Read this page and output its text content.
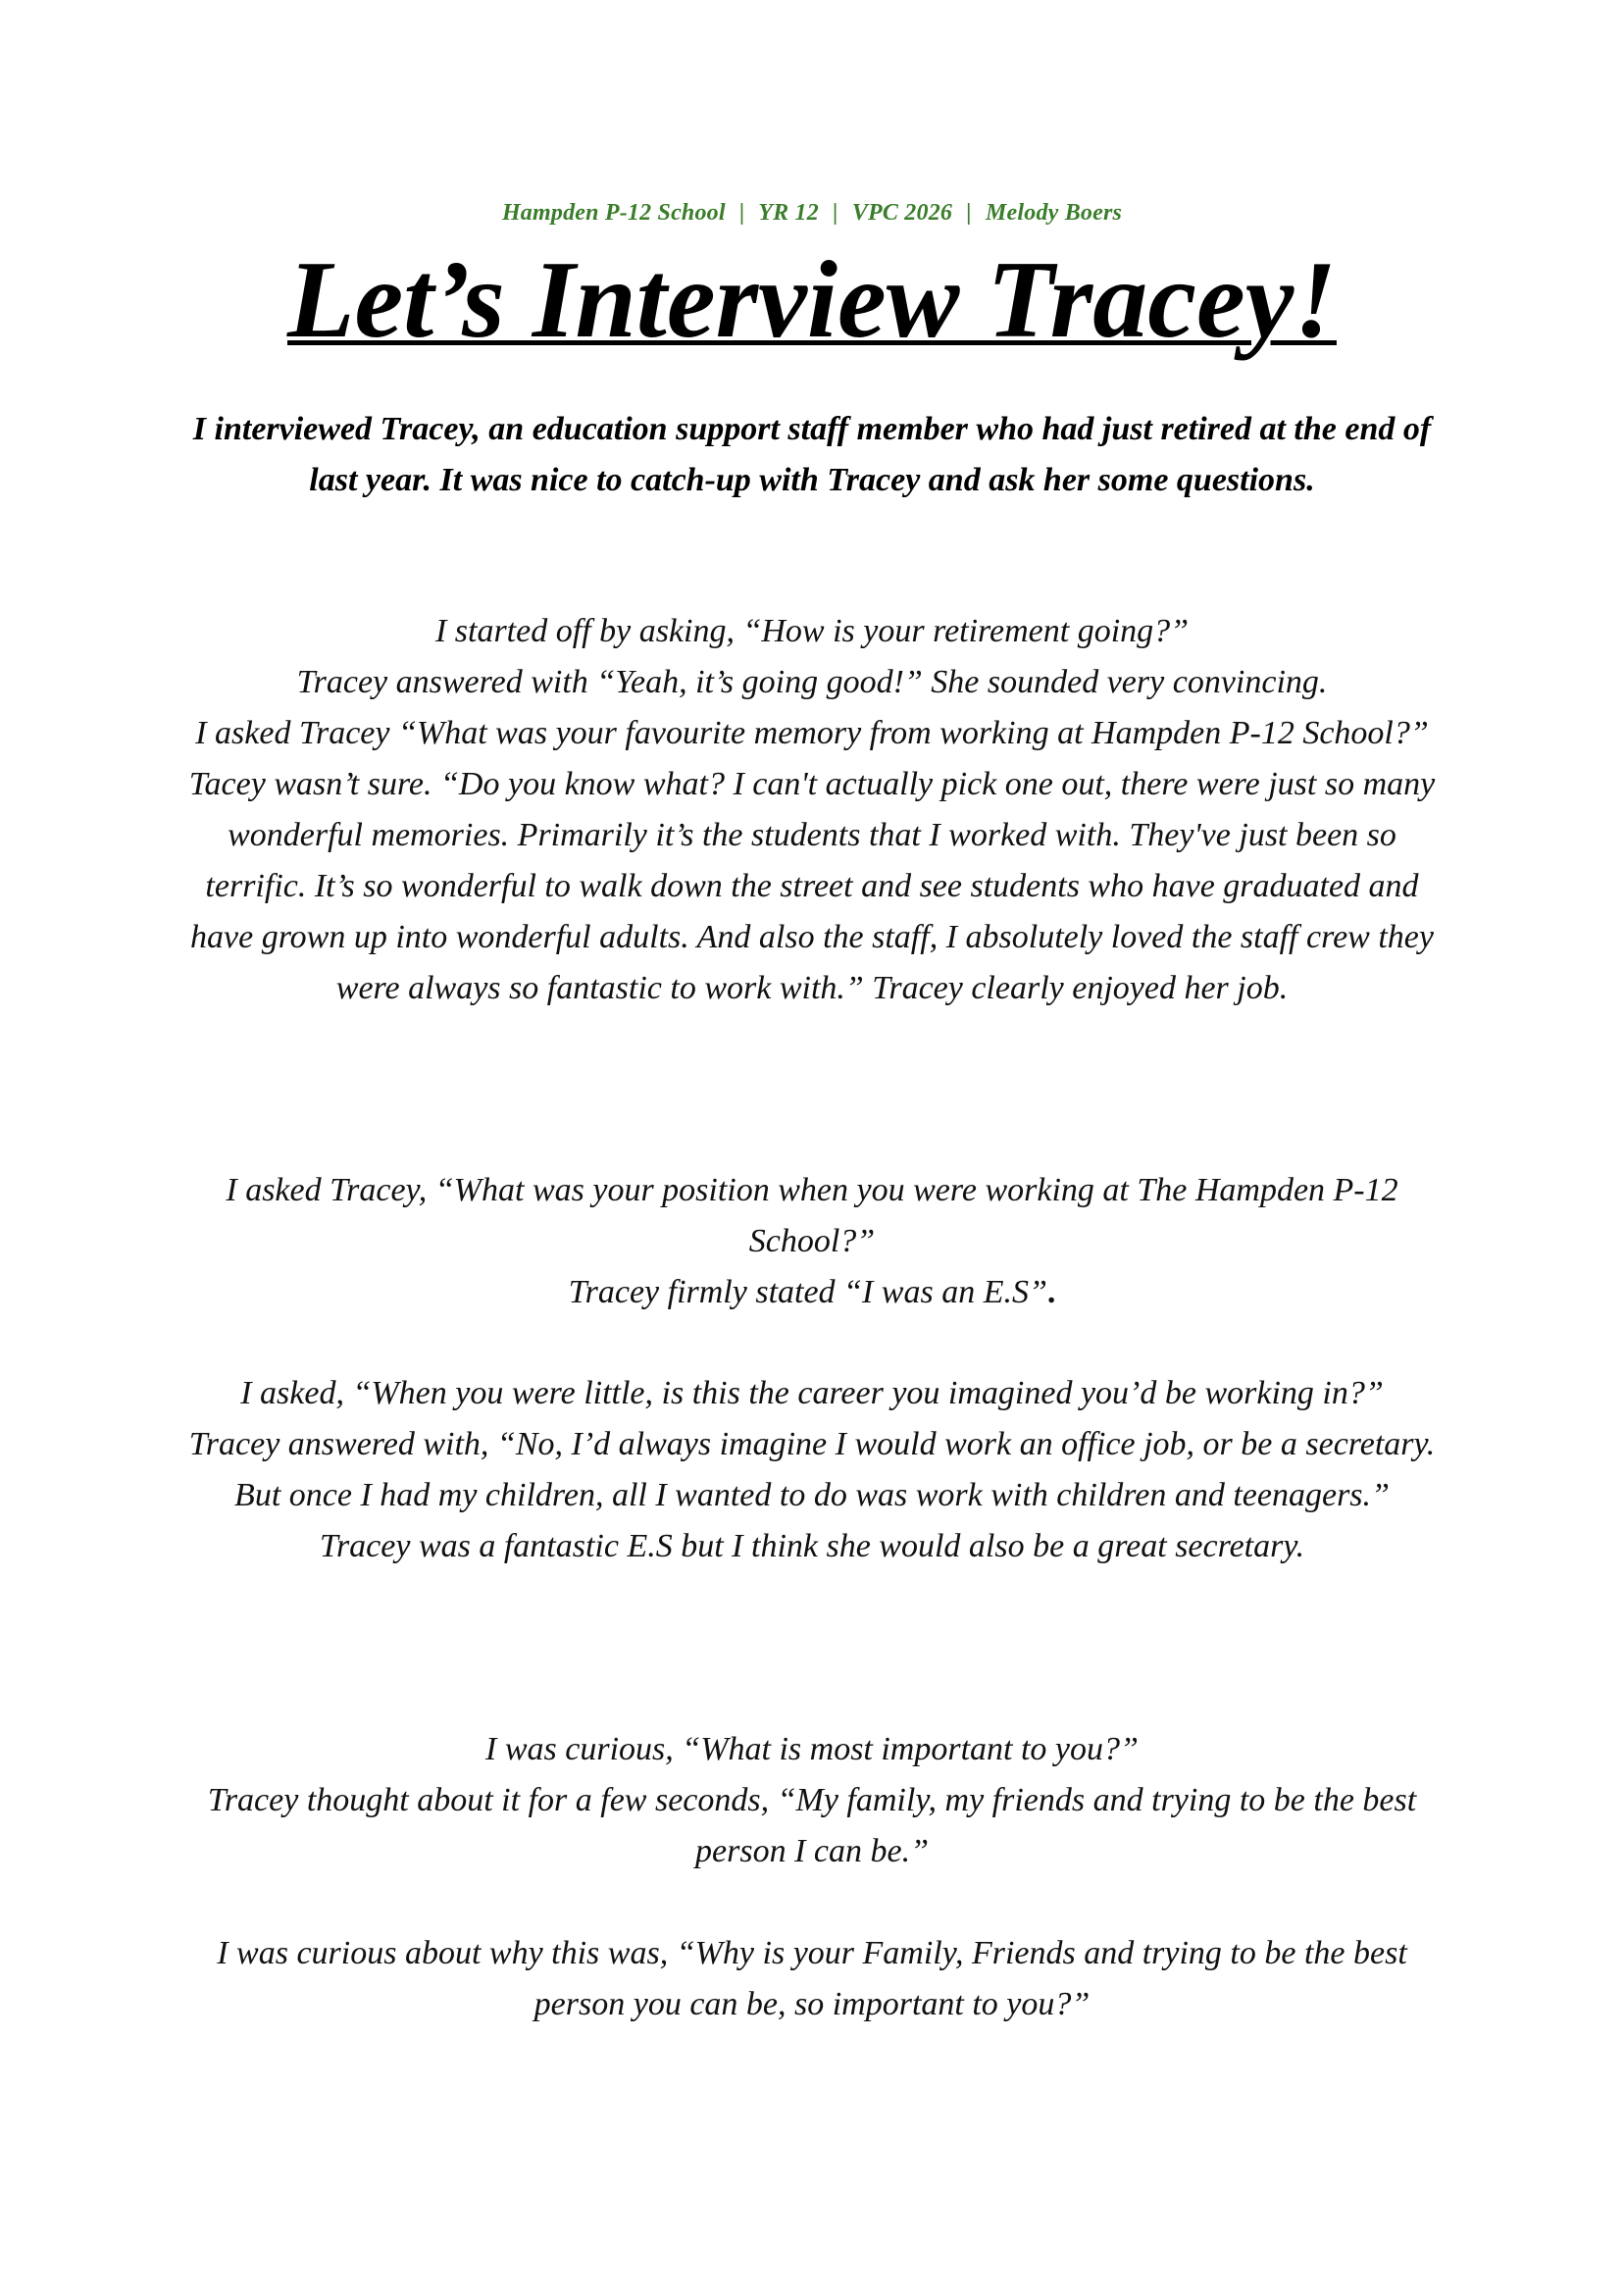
Hampden P-12 School | YR 12 | VPC 2026 | Melody Boers
Let’s Interview Tracey!

I interviewed Tracey, an education support staff member who had just retired at the end of last year. It was nice to catch-up with Tracey and ask her some questions.

I started off by asking, “How is your retirement going?”
Tracey answered with “Yeah, it’s going good!” She sounded very convincing.
I asked Tracey “What was your favourite memory from working at Hampden P-12 School?”
Tacey wasn’t sure. “Do you know what? I can't actually pick one out, there were just so many wonderful memories. Primarily it’s the students that I worked with. They've just been so terrific. It’s so wonderful to walk down the street and see students who have graduated and have grown up into wonderful adults. And also the staff, I absolutely loved the staff crew they were always so fantastic to work with.” Tracey clearly enjoyed her job.

I asked Tracey, “What was your position when you were working at The Hampden P-12 School?”
Tracey firmly stated “I was an E.S”.

I asked, “When you were little, is this the career you imagined you’d be working in?”
Tracey answered with, “No, I’d always imagine I would work an office job, or be a secretary. But once I had my children, all I wanted to do was work with children and teenagers.” Tracey was a fantastic E.S but I think she would also be a great secretary.

I was curious, “What is most important to you?”
Tracey thought about it for a few seconds, “My family, my friends and trying to be the best person I can be.”

I was curious about why this was, “Why is your Family, Friends and trying to be the best person you can be, so important to you?”
